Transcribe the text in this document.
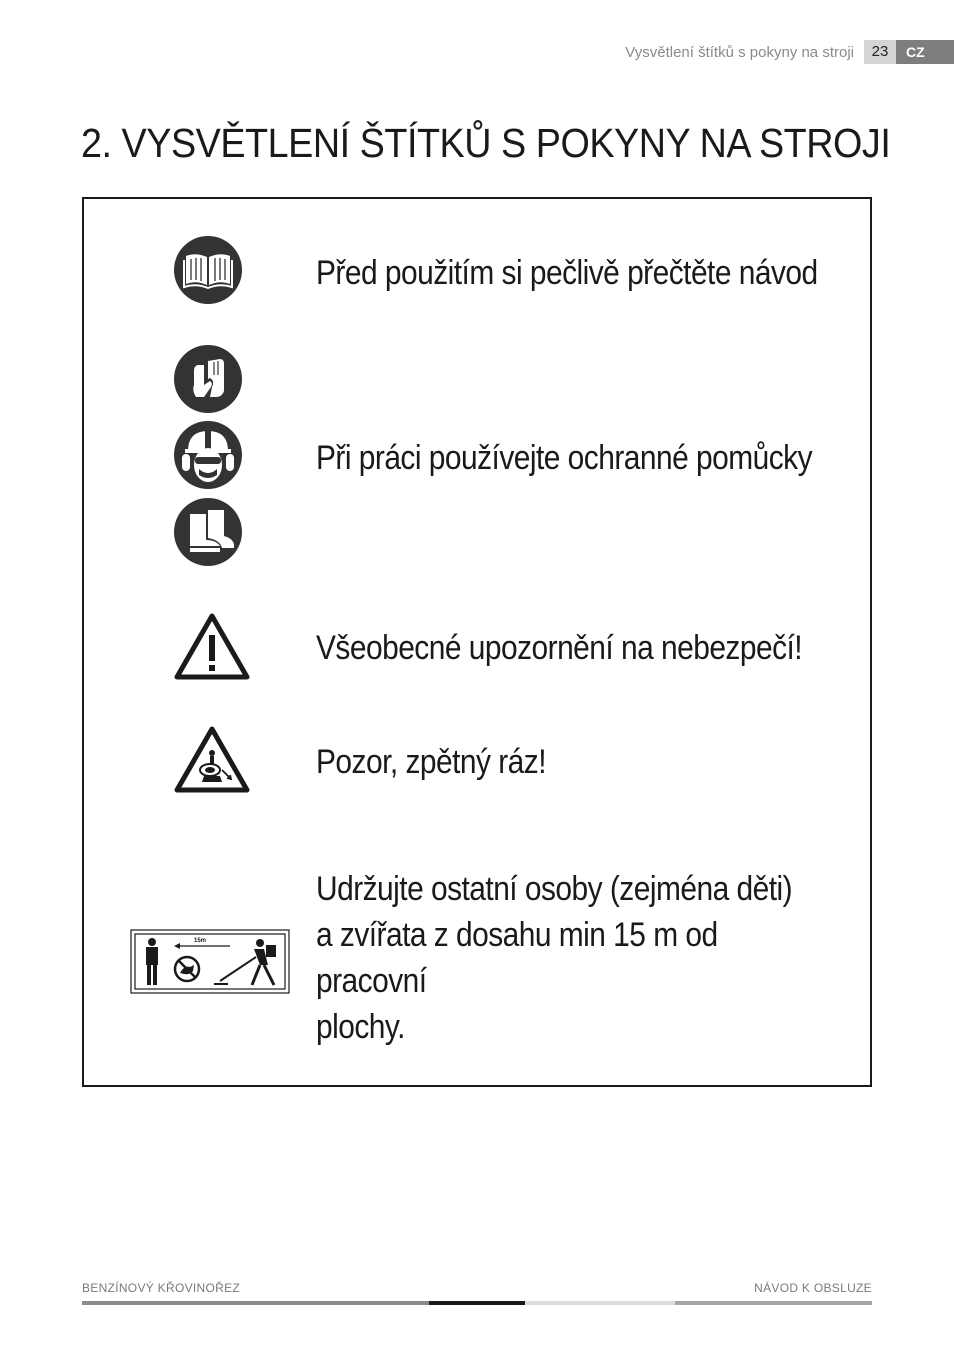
Vysvětlení štítků s pokyny na stroji	23	CZ
2. VYSVĚTLENÍ ŠTÍTKŮ S POKYNY NA STROJI
Před použitím si pečlivě přečtěte návod
Při práci používejte ochranné pomůcky
Všeobecné upozornění na nebezpečí!
Pozor, zpětný ráz!
15m
Udržujte ostatní osoby (zejména děti)
a zvířata z dosahu min 15 m od
pracovní
plochy.
BENZÍNOVÝ KŘOVINOŘEZ	NÁVOD K OBSLUZE
